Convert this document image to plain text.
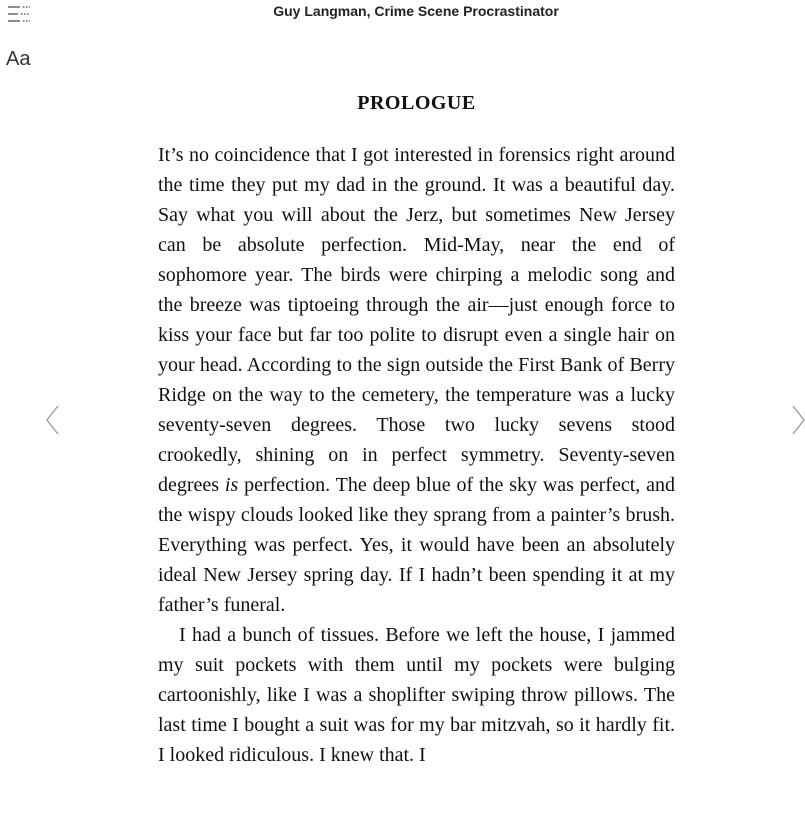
Aa
Guy Langman, Crime Scene Procrastinator
PROLOGUE

It’s no coincidence that I got interested in forensics right around the time they put my dad in the ground. It was a beautiful day. Say what you will about the Jerz, but sometimes New Jersey can be absolute perfection. Mid-May, near the end of sophomore year. The birds were chirping a melodic song and the breeze was tiptoeing through the air—just enough force to kiss your face but far too polite to disrupt even a single hair on your head. According to the sign outside the First Bank of Berry Ridge on the way to the cemetery, the temperature was a lucky seventy-seven degrees. Those two lucky sevens stood crookedly, shining on in perfect symmetry. Seventy-seven degrees is perfection. The deep blue of the sky was perfect, and the wispy clouds looked like they sprang from a painter’s brush. Everything was perfect. Yes, it would have been an absolutely ideal New Jersey spring day. If I hadn’t been spending it at my father’s funeral.

I had a bunch of tissues. Before we left the house, I jammed my suit pockets with them until my pockets were bulging cartoonishly, like I was a shoplifter swiping throw pillows. The last time I bought a suit was for my bar mitzvah, so it hardly fit. I looked ridiculous. I knew that. I
